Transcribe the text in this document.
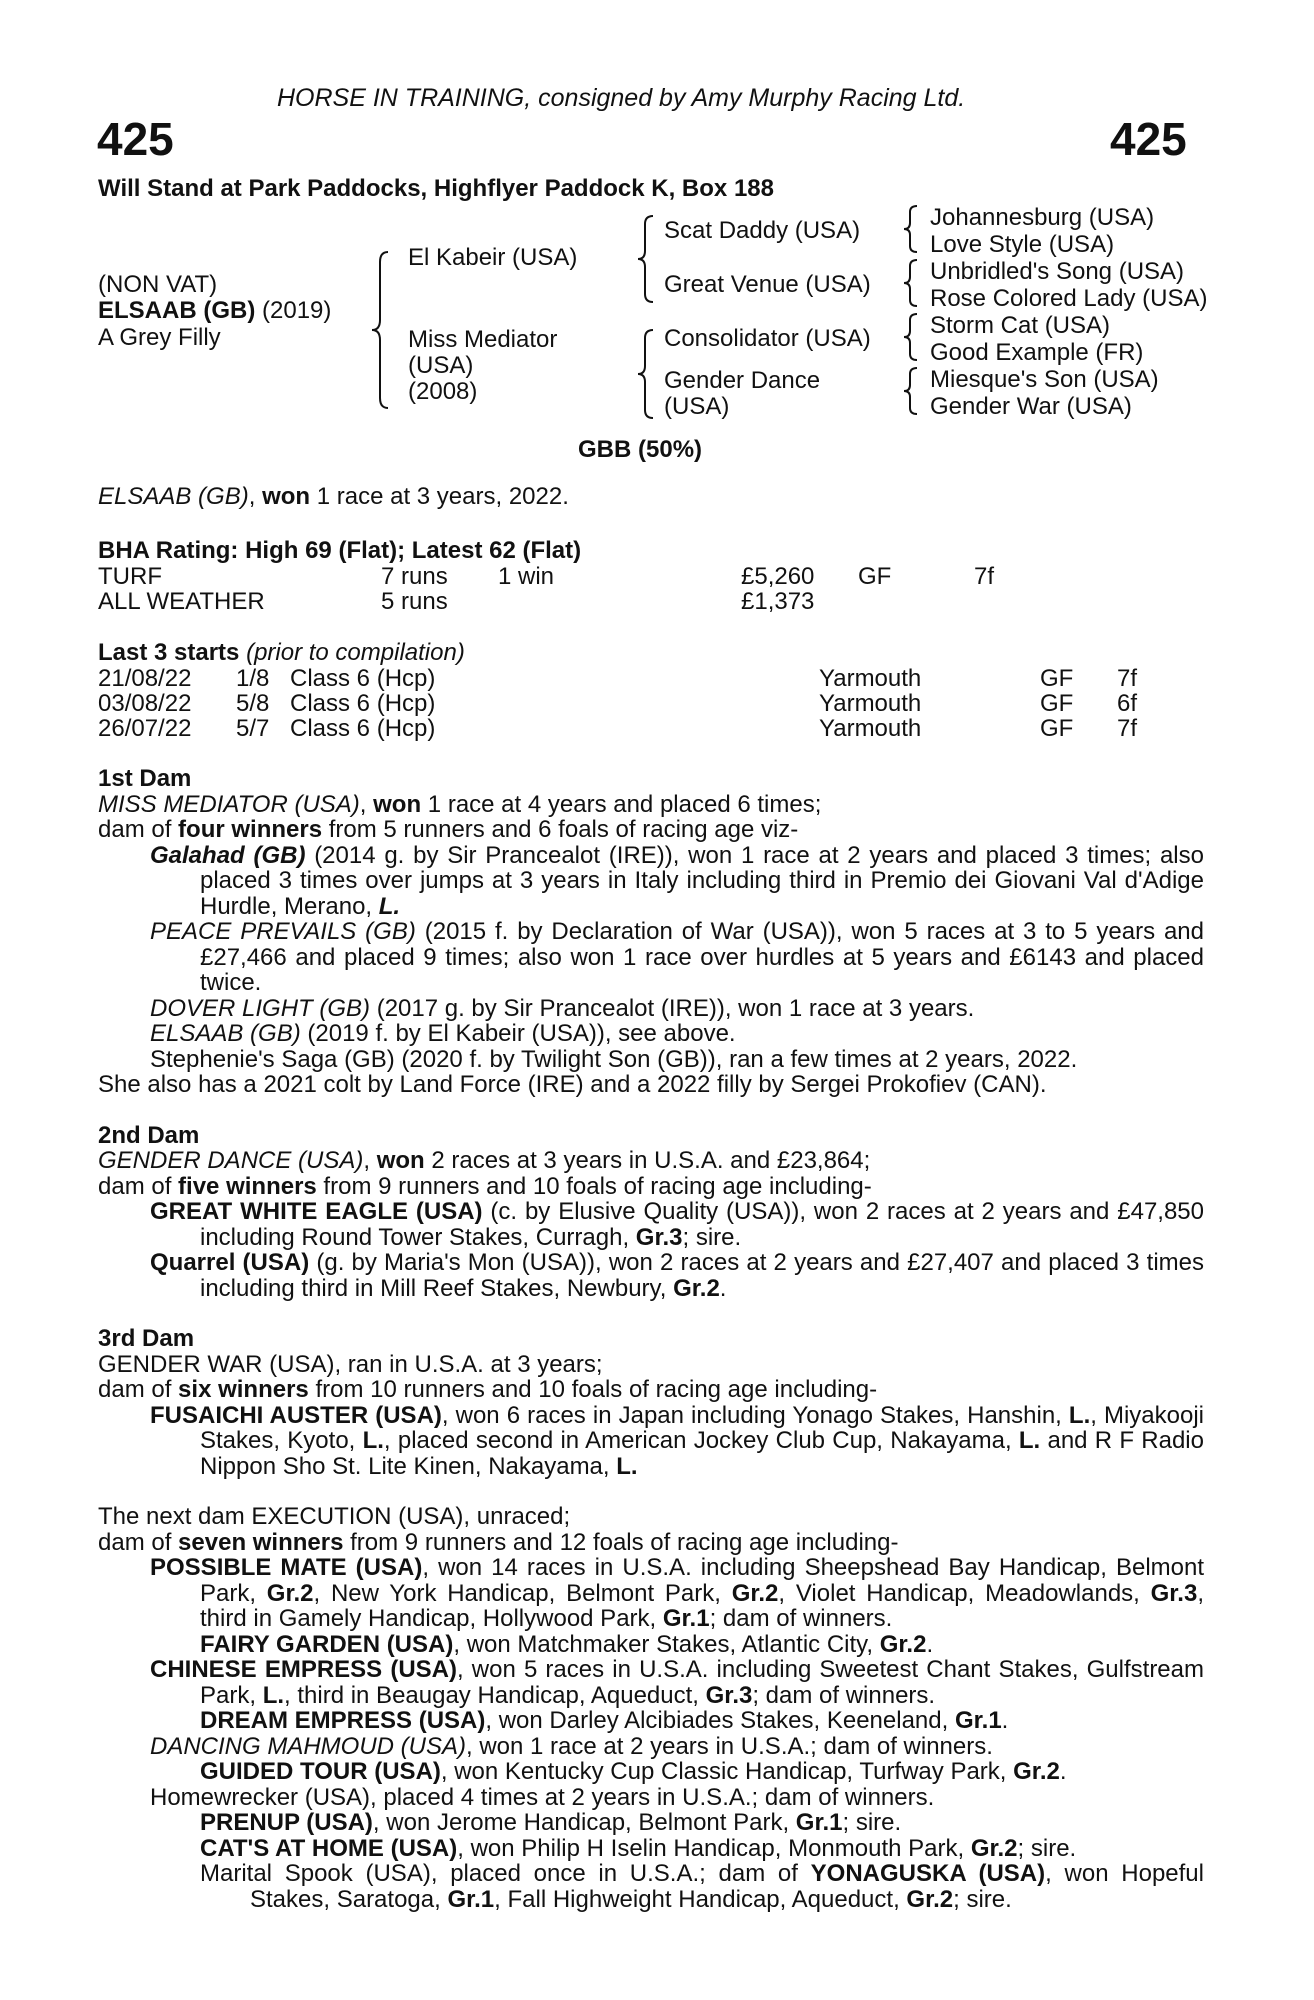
HORSE IN TRAINING, consigned by Amy Murphy Racing Ltd.
425	425
Will Stand at Park Paddocks, Highflyer Paddock K, Box 188
(NON VAT)
ELSAAB (GB) (2019)
A Grey Filly
El Kabeir (USA)
Miss Mediator
(USA)
(2008)
Scat Daddy (USA)
Great Venue (USA)
Consolidator (USA)
Gender Dance
(USA)
Johannesburg (USA)
Love Style (USA)
Unbridled's Song (USA)
Rose Colored Lady (USA)
Storm Cat (USA)
Good Example (FR)
Miesque's Son (USA)
Gender War (USA)
GBB (50%)
ELSAAB (GB), won 1 race at 3 years, 2022.
BHA Rating: High 69 (Flat); Latest 62 (Flat)
TURF	7 runs 1 win	£5,260 GF	7f
ALL WEATHER	5 runs	£1,373
Last 3 starts (prior to compilation)
21/08/22 1/8 Class 6 (Hcp)	Yarmouth	GF 7f
03/08/22 5/8 Class 6 (Hcp)	Yarmouth	GF 6f
26/07/22 5/7 Class 6 (Hcp)	Yarmouth	GF 7f

1st Dam

MISS MEDIATOR (USA), won 1 race at 4 years and placed 6 times;

dam of four winners from 5 runners and 6 foals of racing age viz-

Galahad (GB) (2014 g. by Sir Prancealot (IRE)), won 1 race at 2 years and placed 3 times; also placed 3 times over jumps at 3 years in Italy including third in Premio dei Giovani Val d'Adige Hurdle, Merano, L.

PEACE PREVAILS (GB) (2015 f. by Declaration of War (USA)), won 5 races at 3 to 5 years and £27,466 and placed 9 times; also won 1 race over hurdles at 5 years and £6143 and placed twice.

DOVER LIGHT (GB) (2017 g. by Sir Prancealot (IRE)), won 1 race at 3 years.

ELSAAB (GB) (2019 f. by El Kabeir (USA)), see above.

Stephenie's Saga (GB) (2020 f. by Twilight Son (GB)), ran a few times at 2 years, 2022.

She also has a 2021 colt by Land Force (IRE) and a 2022 filly by Sergei Prokofiev (CAN).

2nd Dam

GENDER DANCE (USA), won 2 races at 3 years in U.S.A. and £23,864;

dam of five winners from 9 runners and 10 foals of racing age including-

GREAT WHITE EAGLE (USA) (c. by Elusive Quality (USA)), won 2 races at 2 years and £47,850 including Round Tower Stakes, Curragh, Gr.3; sire.

Quarrel (USA) (g. by Maria's Mon (USA)), won 2 races at 2 years and £27,407 and placed 3 times including third in Mill Reef Stakes, Newbury, Gr.2.

3rd Dam

GENDER WAR (USA), ran in U.S.A. at 3 years;

dam of six winners from 10 runners and 10 foals of racing age including-

FUSAICHI AUSTER (USA), won 6 races in Japan including Yonago Stakes, Hanshin, L., Miyakooji Stakes, Kyoto, L., placed second in American Jockey Club Cup, Nakayama, L. and R F Radio Nippon Sho St. Lite Kinen, Nakayama, L.

The next dam EXECUTION (USA), unraced;

dam of seven winners from 9 runners and 12 foals of racing age including-

POSSIBLE MATE (USA), won 14 races in U.S.A. including Sheepshead Bay Handicap, Belmont Park, Gr.2, New York Handicap, Belmont Park, Gr.2, Violet Handicap, Meadowlands, Gr.3, third in Gamely Handicap, Hollywood Park, Gr.1; dam of winners.

FAIRY GARDEN (USA), won Matchmaker Stakes, Atlantic City, Gr.2.

CHINESE EMPRESS (USA), won 5 races in U.S.A. including Sweetest Chant Stakes, Gulfstream Park, L., third in Beaugay Handicap, Aqueduct, Gr.3; dam of winners.

DREAM EMPRESS (USA), won Darley Alcibiades Stakes, Keeneland, Gr.1.

DANCING MAHMOUD (USA), won 1 race at 2 years in U.S.A.; dam of winners.

GUIDED TOUR (USA), won Kentucky Cup Classic Handicap, Turfway Park, Gr.2.

Homewrecker (USA), placed 4 times at 2 years in U.S.A.; dam of winners.

PRENUP (USA), won Jerome Handicap, Belmont Park, Gr.1; sire.

CAT'S AT HOME (USA), won Philip H Iselin Handicap, Monmouth Park, Gr.2; sire.

Marital Spook (USA), placed once in U.S.A.; dam of YONAGUSKA (USA), won Hopeful Stakes, Saratoga, Gr.1, Fall Highweight Handicap, Aqueduct, Gr.2; sire.
